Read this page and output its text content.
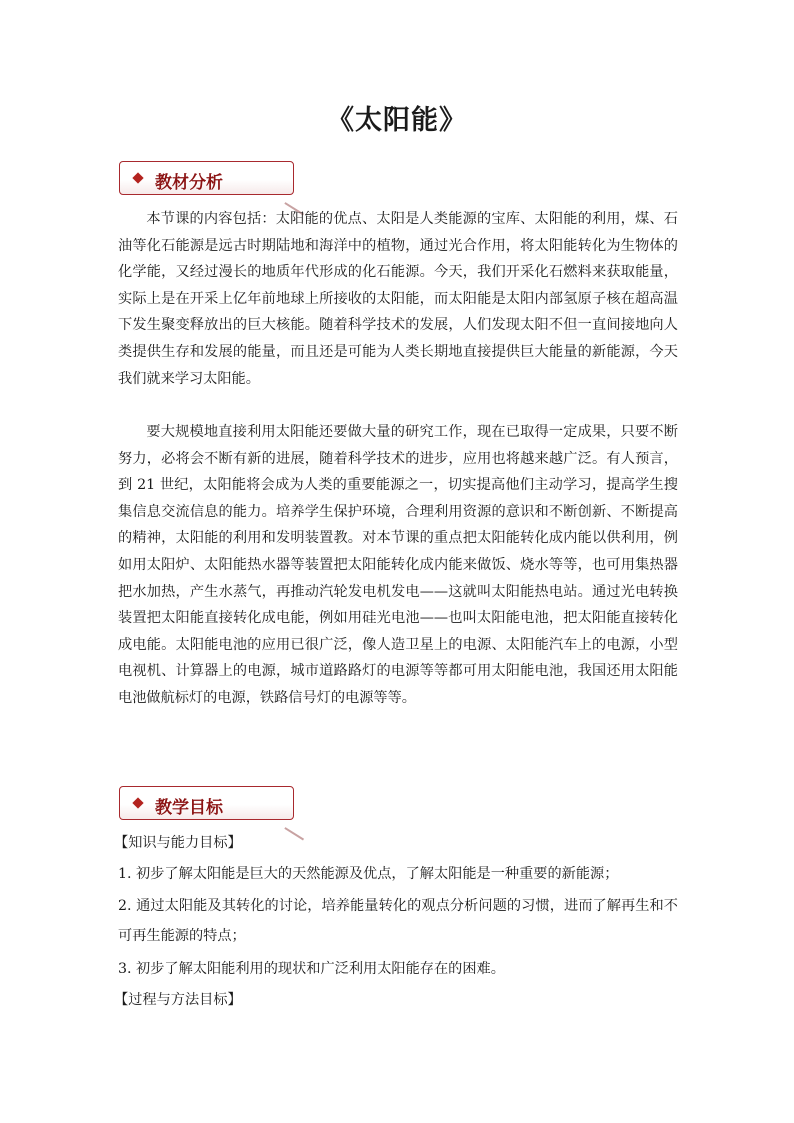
《太阳能》
教材分析

本节课的内容包括：太阳能的优点、太阳是人类能源的宝库、太阳能的利用，煤、石油等化石能源是远古时期陆地和海洋中的植物，通过光合作用，将太阳能转化为生物体的化学能，又经过漫长的地质年代形成的化石能源。今天，我们开采化石燃料来获取能量，实际上是在开采上亿年前地球上所接收的太阳能，而太阳能是太阳内部氢原子核在超高温下发生聚变释放出的巨大核能。随着科学技术的发展，人们发现太阳不但一直间接地向人类提供生存和发展的能量，而且还是可能为人类长期地直接提供巨大能量的新能源，今天我们就来学习太阳能。

要大规模地直接利用太阳能还要做大量的研究工作，现在已取得一定成果，只要不断努力，必将会不断有新的进展，随着科学技术的进步，应用也将越来越广泛。有人预言，到 21 世纪，太阳能将会成为人类的重要能源之一，切实提高他们主动学习，提高学生搜集信息交流信息的能力。培养学生保护环境，合理利用资源的意识和不断创新、不断提高的精神，太阳能的利用和发明装置教。对本节课的重点把太阳能转化成内能以供利用，例如用太阳炉、太阳能热水器等装置把太阳能转化成内能来做饭、烧水等等，也可用集热器把水加热，产生水蒸气，再推动汽轮发电机发电——这就叫太阳能热电站。通过光电转换装置把太阳能直接转化成电能，例如用硅光电池——也叫太阳能电池，把太阳能直接转化成电能。太阳能电池的应用已很广泛，像人造卫星上的电源、太阳能汽车上的电源，小型电视机、计算器上的电源，城市道路路灯的电源等等都可用太阳能电池，我国还用太阳能电池做航标灯的电源，铁路信号灯的电源等等。

教学目标
【知识与能力目标】

1. 初步了解太阳能是巨大的天然能源及优点，了解太阳能是一种重要的新能源；

2. 通过太阳能及其转化的讨论，培养能量转化的观点分析问题的习惯，进而了解再生和不可再生能源的特点；

3. 初步了解太阳能利用的现状和广泛利用太阳能存在的困难。

【过程与方法目标】
